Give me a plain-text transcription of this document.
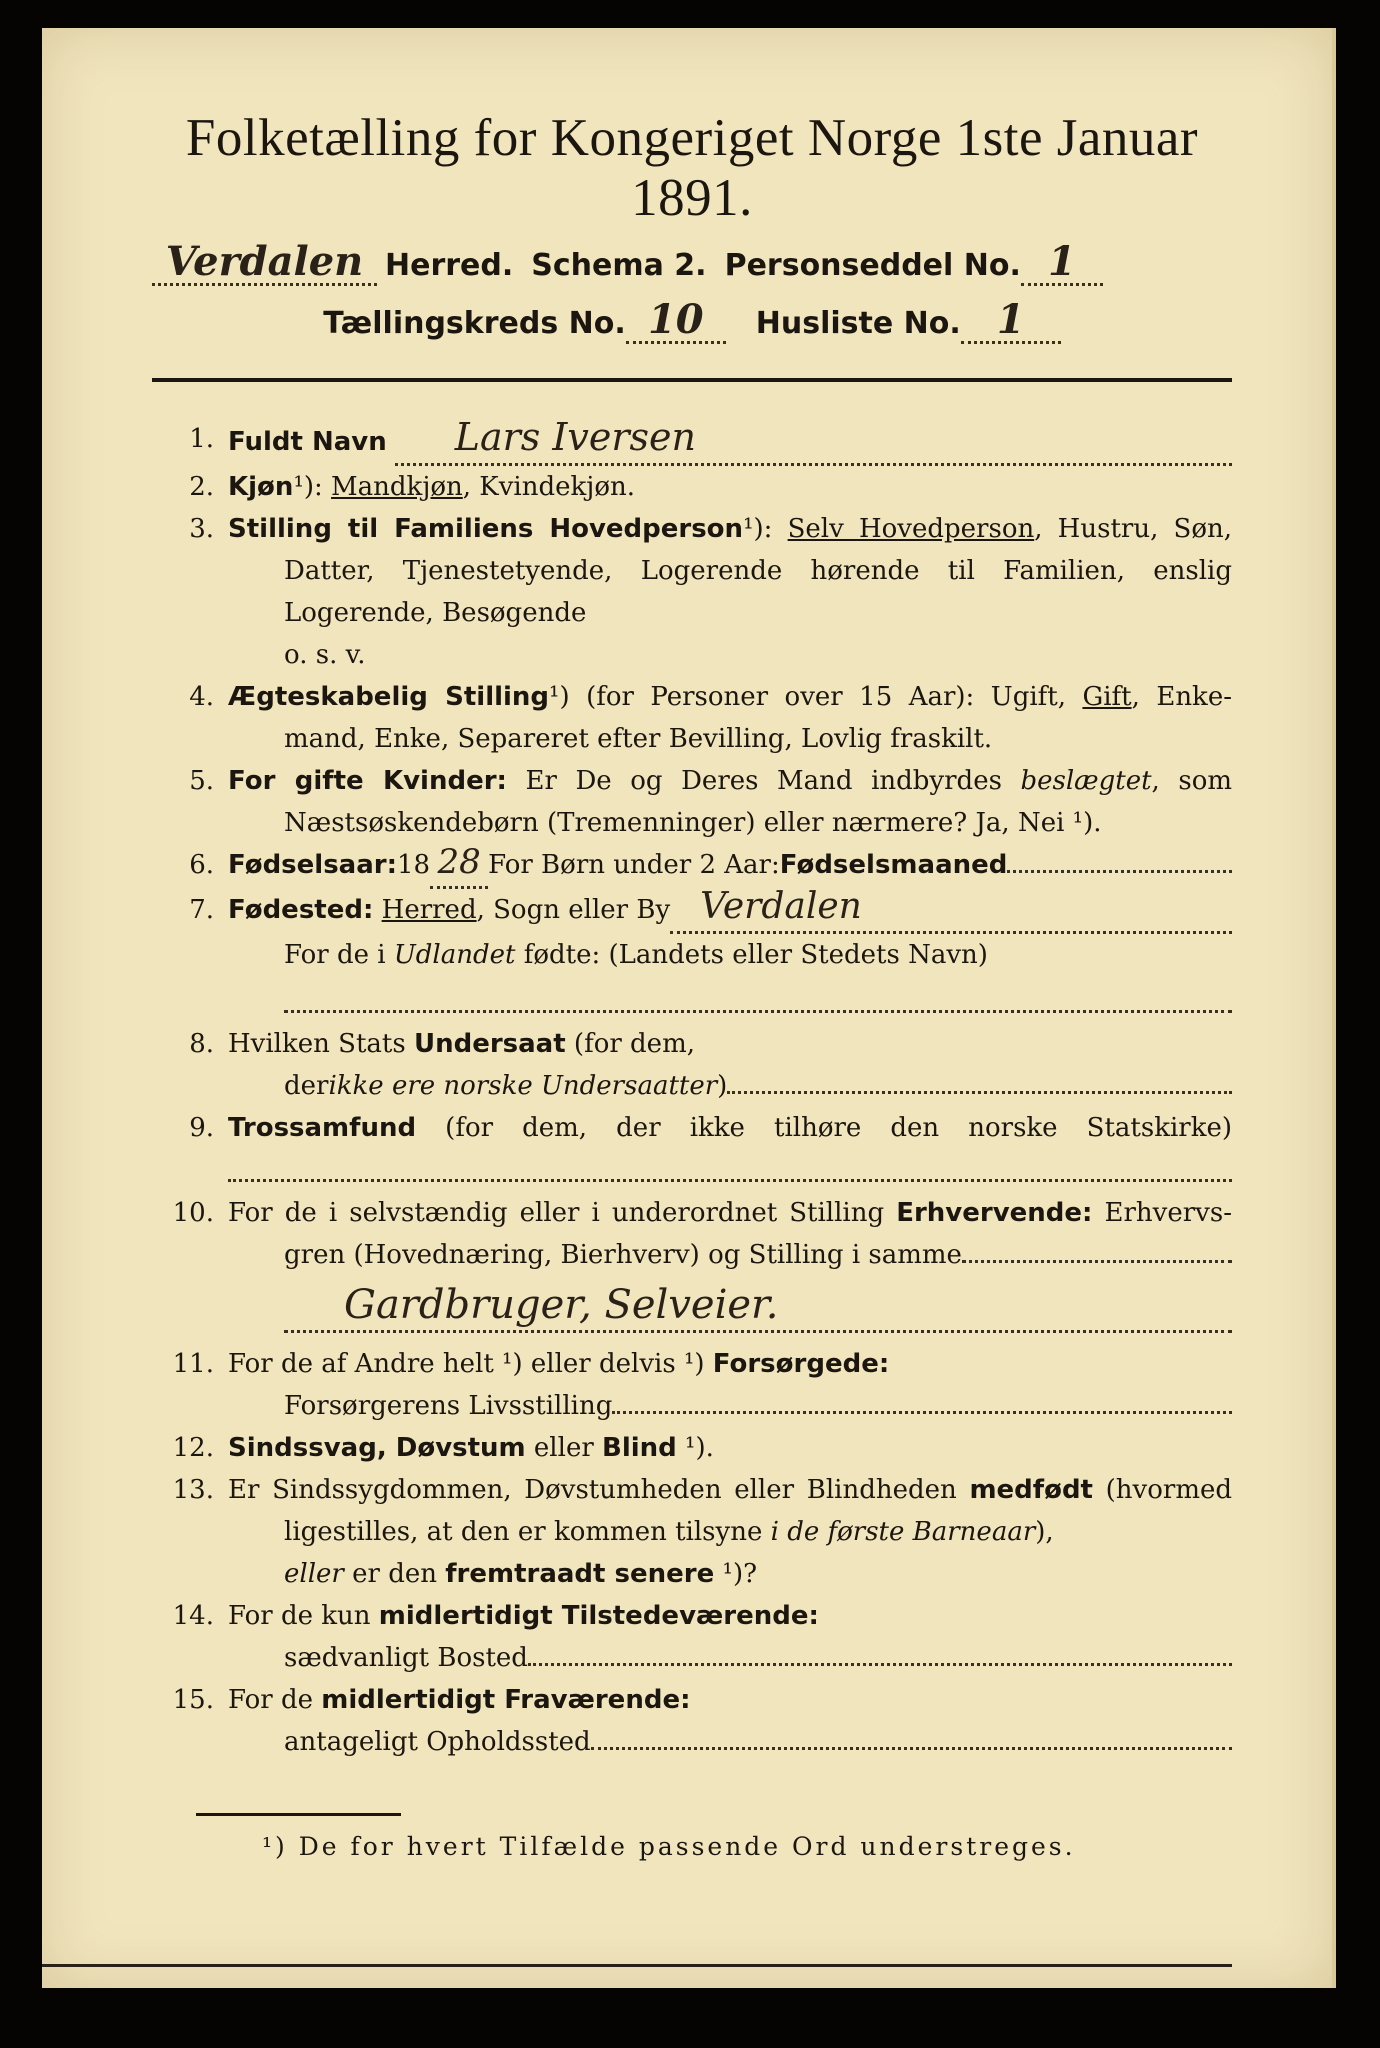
Folketælling for Kongeriget Norge 1ste Januar 1891.

Verdalen Herred. Schema 2. Personseddel No. 1
Tællingskreds No. 10	Husliste No. 1
1. Fuldt Navn	Lars Iversen
2. Kjøn¹): Mandkjøn, Kvindekjøn.
3. Stilling til Familiens Hovedperson¹): Selv Hovedperson, Hustru, Søn,
Datter, Tjenestetyende, Logerende hørende til Familien, enslig
Logerende, Besøgende
o. s. v.
4. Ægteskabelig Stilling¹) (for Personer over 15 Aar): Ugift, Gift, Enke-
mand, Enke, Separeret efter Bevilling, Lovlig fraskilt.
5. For gifte Kvinder: Er De og Deres Mand indbyrdes beslægtet, som
Næstsøskendebørn (Tremenninger) eller nærmere? Ja, Nei ¹).
6. Fødselsaar: 18 28 For Børn under 2 Aar: Fødselsmaaned
7. Fødested:
Herred , Sogn eller By Verdalen
For de i Udlandet fødte: (Landets eller Stedets Navn)
8. Hvilken Stats Undersaat (for dem,
der ikke ere norske Undersaatter )
9. Trossamfund (for dem, der ikke tilhøre den norske Statskirke)
10. For de i selvstændig eller i underordnet Stilling Erhvervende: Erhvervs-
gren (Hovednæring, Bierhverv) og Stilling i samme
Gardbruger, Selveier.
11. For de af Andre helt ¹) eller delvis ¹) Forsørgede:
Forsørgerens Livsstilling
12. Sindssvag, Døvstum eller Blind ¹).
13. Er Sindssygdommen, Døvstumheden eller Blindheden medfødt (hvormed
ligestilles, at den er kommen tilsyne i de første Barneaar),
eller er den fremtraadt senere ¹)?
14. For de kun midlertidigt Tilstedeværende:
sædvanligt Bosted
15. For de midlertidigt Fraværende:
antageligt Opholdssted
¹) De for hvert Tilfælde passende Ord understreges.
